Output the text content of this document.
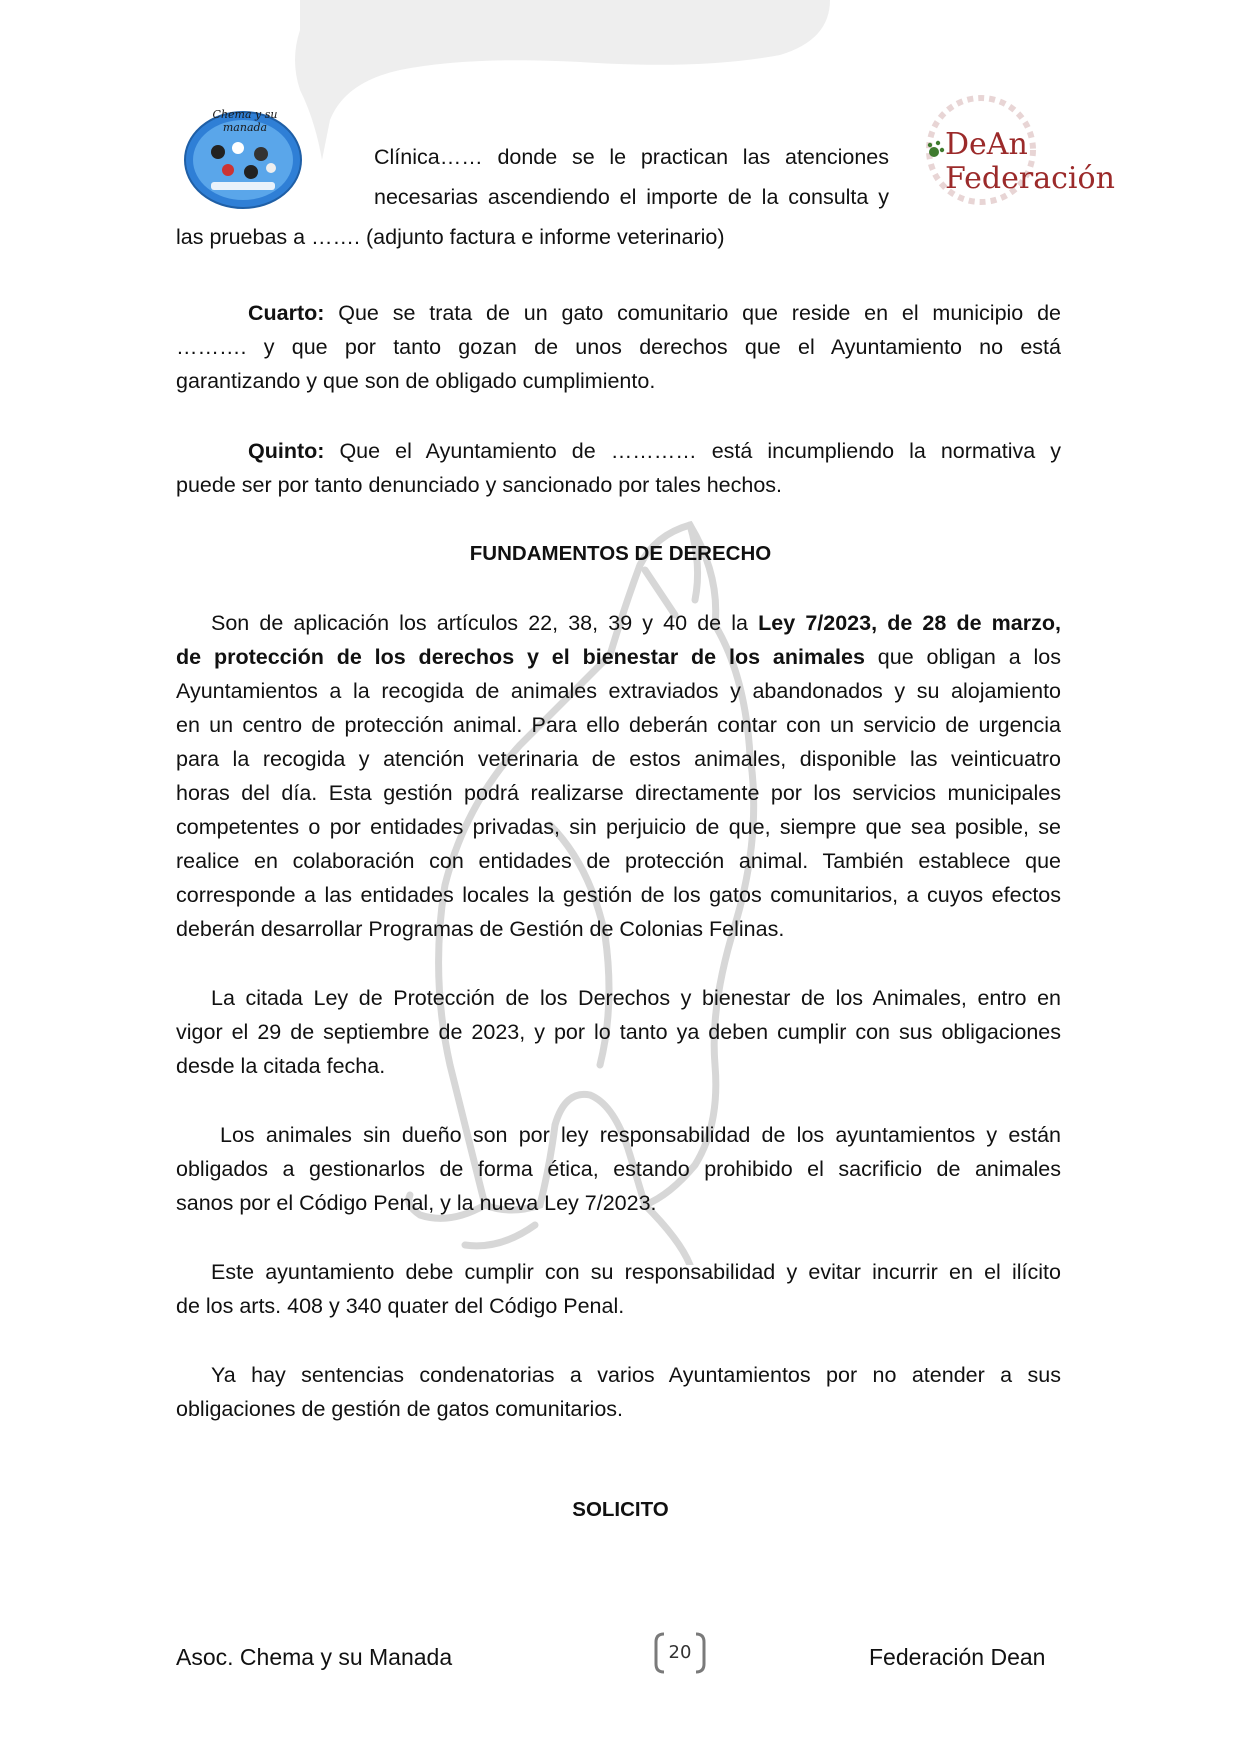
Chema y su manada	DeAn Federación
Clínica…… donde se le practican las atenciones
necesarias ascendiendo el importe de la consulta y
las pruebas a ……. (adjunto factura e informe veterinario)
Cuarto: Que se trata de un gato comunitario que reside en el municipio de
………. y que por tanto gozan de unos derechos que el Ayuntamiento no está
garantizando y que son de obligado cumplimiento.
Quinto: Que el Ayuntamiento de ………… está incumpliendo la normativa y
puede ser por tanto denunciado y sancionado por tales hechos.
FUNDAMENTOS DE DERECHO
Son de aplicación los artículos 22, 38, 39 y 40 de la Ley 7/2023, de 28 de marzo,
de protección de los derechos y el bienestar de los animales que obligan a los
Ayuntamientos a la recogida de animales extraviados y abandonados y su alojamiento
en un centro de protección animal. Para ello deberán contar con un servicio de urgencia
para la recogida y atención veterinaria de estos animales, disponible las veinticuatro
horas del día. Esta gestión podrá realizarse directamente por los servicios municipales
competentes o por entidades privadas, sin perjuicio de que, siempre que sea posible, se
realice en colaboración con entidades de protección animal. También establece que
corresponde a las entidades locales la gestión de los gatos comunitarios, a cuyos efectos
deberán desarrollar Programas de Gestión de Colonias Felinas.
La citada Ley de Protección de los Derechos y bienestar de los Animales, entro en
vigor el 29 de septiembre de 2023, y por lo tanto ya deben cumplir con sus obligaciones
desde la citada fecha.
Los animales sin dueño son por ley responsabilidad de los ayuntamientos y están
obligados a gestionarlos de forma ética, estando prohibido el sacrificio de animales
sanos por el Código Penal, y la nueva Ley 7/2023.
Este ayuntamiento debe cumplir con su responsabilidad y evitar incurrir en el ilícito
de los arts. 408 y 340 quater del Código Penal.
Ya hay sentencias condenatorias a varios Ayuntamientos por no atender a sus
obligaciones de gestión de gatos comunitarios.
SOLICITO
Asoc. Chema y su Manada	20	Federación Dean
